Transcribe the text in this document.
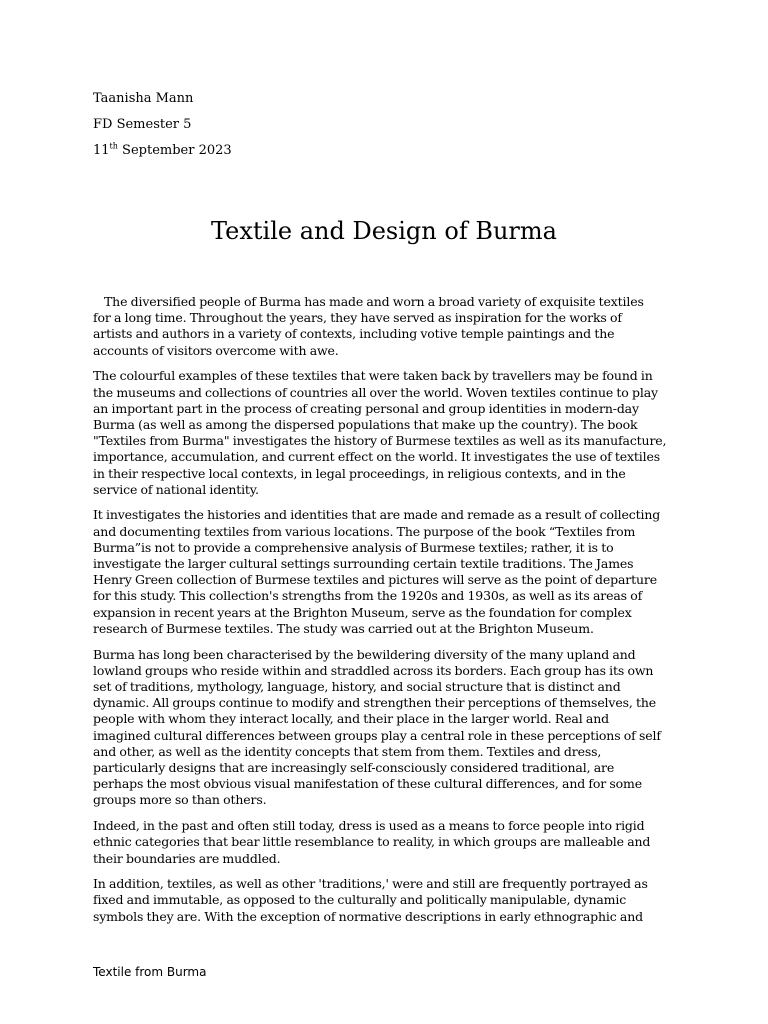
Taanisha Mann
FD Semester 5
11th September 2023
Textile and Design of Burma

The diversified people of Burma has made and worn a broad variety of exquisite textiles
for a long time. Throughout the years, they have served as inspiration for the works of
artists and authors in a variety of contexts, including votive temple paintings and the
accounts of visitors overcome with awe.

The colourful examples of these textiles that were taken back by travellers may be found in
the museums and collections of countries all over the world. Woven textiles continue to play
an important part in the process of creating personal and group identities in modern-day
Burma (as well as among the dispersed populations that make up the country). The book
"Textiles from Burma" investigates the history of Burmese textiles as well as its manufacture,
importance, accumulation, and current effect on the world. It investigates the use of textiles
in their respective local contexts, in legal proceedings, in religious contexts, and in the
service of national identity.

It investigates the histories and identities that are made and remade as a result of collecting
and documenting textiles from various locations. The purpose of the book “Textiles from
Burma”is not to provide a comprehensive analysis of Burmese textiles; rather, it is to
investigate the larger cultural settings surrounding certain textile traditions. The James
Henry Green collection of Burmese textiles and pictures will serve as the point of departure
for this study. This collection's strengths from the 1920s and 1930s, as well as its areas of
expansion in recent years at the Brighton Museum, serve as the foundation for complex
research of Burmese textiles. The study was carried out at the Brighton Museum.

Burma has long been characterised by the bewildering diversity of the many upland and
lowland groups who reside within and straddled across its borders. Each group has its own
set of traditions, mythology, language, history, and social structure that is distinct and
dynamic. All groups continue to modify and strengthen their perceptions of themselves, the
people with whom they interact locally, and their place in the larger world. Real and
imagined cultural differences between groups play a central role in these perceptions of self
and other, as well as the identity concepts that stem from them. Textiles and dress,
particularly designs that are increasingly self-consciously considered traditional, are
perhaps the most obvious visual manifestation of these cultural differences, and for some
groups more so than others.

Indeed, in the past and often still today, dress is used as a means to force people into rigid
ethnic categories that bear little resemblance to reality, in which groups are malleable and
their boundaries are muddled.

In addition, textiles, as well as other 'traditions,' were and still are frequently portrayed as
fixed and immutable, as opposed to the culturally and politically manipulable, dynamic
symbols they are. With the exception of normative descriptions in early ethnographic and

Textile from Burma
